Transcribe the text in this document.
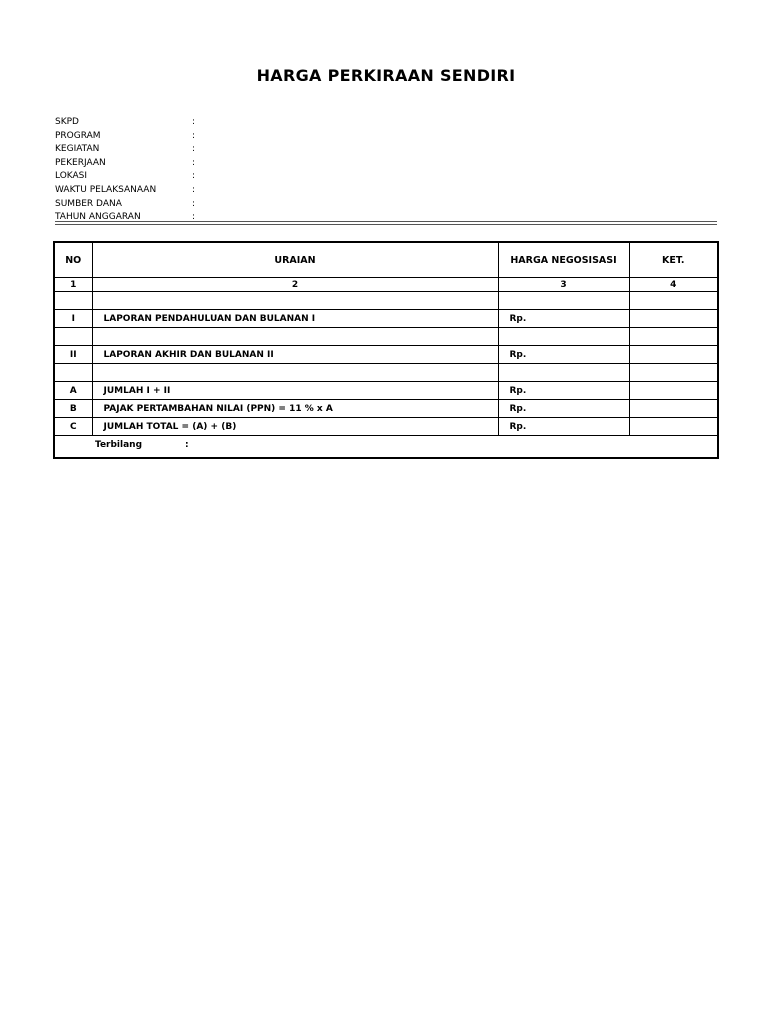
HARGA PERKIRAAN SENDIRI
SKPD	:
PROGRAM	:
KEGIATAN	:
PEKERJAAN	:
LOKASI	:
WAKTU PELAKSANAAN	:
SUMBER DANA	:
TAHUN ANGGARAN	:
NO	URAIAN	HARGA NEGOSISASI	KET.
1	2	3	4

I	LAPORAN PENDAHULUAN DAN BULANAN I	Rp.	

II	LAPORAN AKHIR DAN BULANAN II	Rp.	

A	JUMLAH I + II	Rp.	
B	PAJAK PERTAMBAHAN NILAI (PPN) = 11 % x A	Rp.	
C	JUMLAH TOTAL = (A) + (B)	Rp.	

Terbilang :			
